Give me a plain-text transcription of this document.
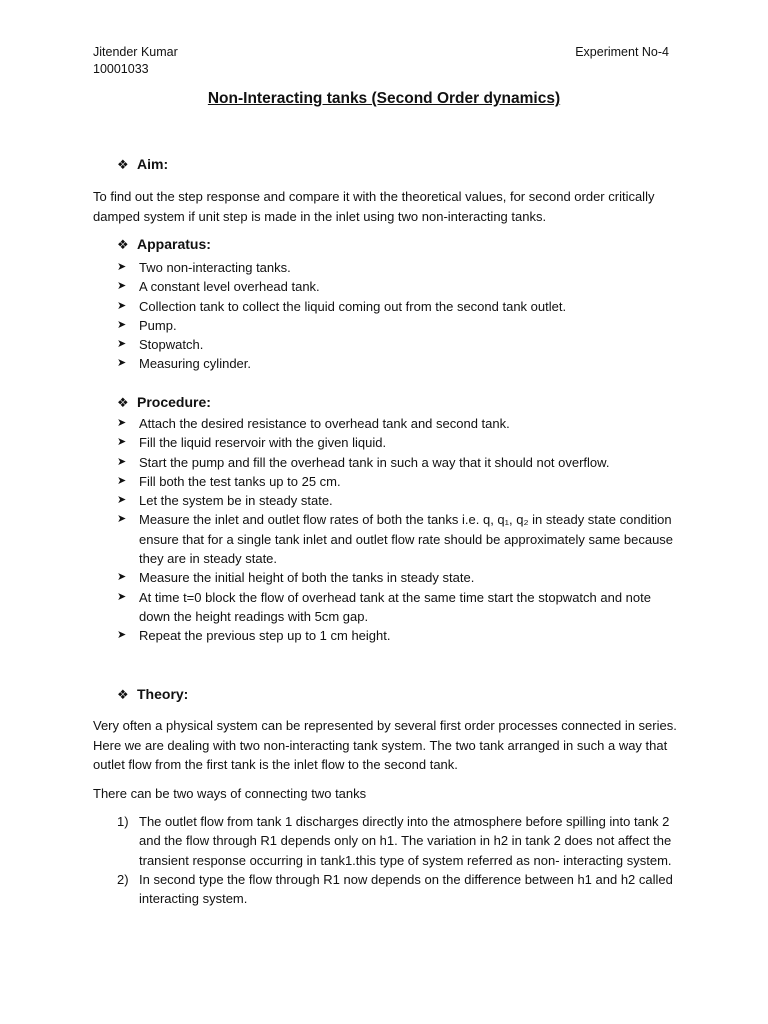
Jitender Kumar
10001033
Experiment No-4
Non-Interacting tanks (Second Order dynamics)
❖ Aim:

To find out the step response and compare it with the theoretical values, for second order critically damped system if unit step is made in the inlet using two non-interacting tanks.

❖ Apparatus:
➤ Two non-interacting tanks.
➤ A constant level overhead tank.
➤ Collection tank to collect the liquid coming out from the second tank outlet.
➤ Pump.
➤ Stopwatch.
➤ Measuring cylinder.
❖ Procedure:
➤ Attach the desired resistance to overhead tank and second tank.
➤ Fill the liquid reservoir with the given liquid.
➤ Start the pump and fill the overhead tank in such a way that it should not overflow.
➤ Fill both the test tanks up to 25 cm.
➤ Let the system be in steady state.
➤ Measure the inlet and outlet flow rates of both the tanks i.e. q, q₁, q₂ in steady state condition ensure that for a single tank inlet and outlet flow rate should be approximately same because they are in steady state.
➤ Measure the initial height of both the tanks in steady state.
➤ At time t=0 block the flow of overhead tank at the same time start the stopwatch and note down the height readings with 5cm gap.
➤ Repeat the previous step up to 1 cm height.
❖ Theory:

Very often a physical system can be represented by several first order processes connected in series. Here we are dealing with two non-interacting tank system. The two tank arranged in such a way that outlet flow from the first tank is the inlet flow to the second tank.

There can be two ways of connecting two tanks

1) The outlet flow from tank 1 discharges directly into the atmosphere before spilling into tank 2 and the flow through R1 depends only on h1. The variation in h2 in tank 2 does not affect the transient response occurring in tank1.this type of system referred as non- interacting system.
2) In second type the flow through R1 now depends on the difference between h1 and h2 called interacting system.
